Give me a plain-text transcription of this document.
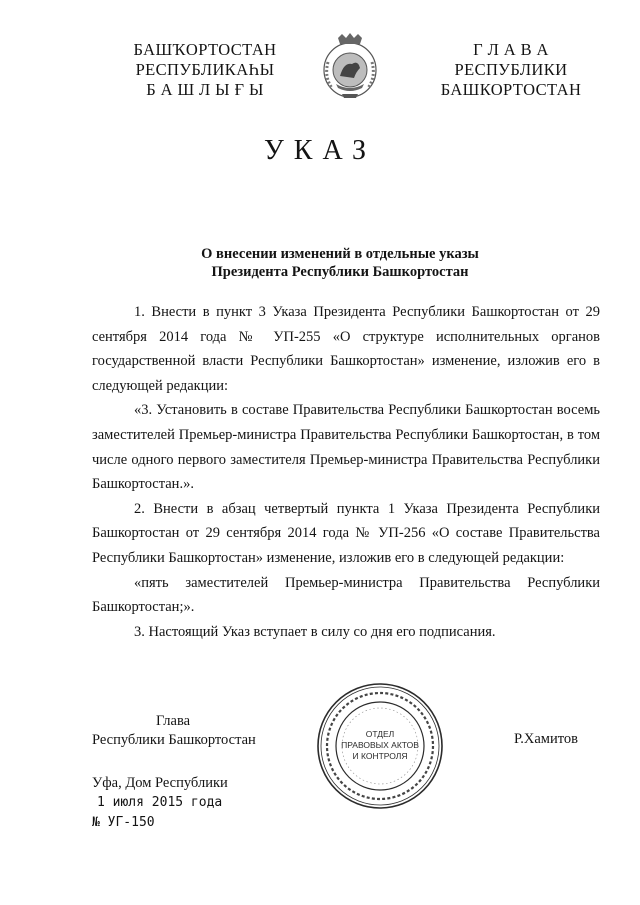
БАШҠОРТОСТАН
РЕСПУБЛИКАҺЫ
Б А Ш Л Ы Ғ Ы
Г Л А В А
РЕСПУБЛИКИ
БАШКОРТОСТАН
УКАЗ
О внесении изменений в отдельные указы
Президента Республики Башкортостан

1. Внести в пункт 3 Указа Президента Республики Башкортостан от 29 сентября 2014 года № УП-255 «О структуре исполнительных органов государственной власти Республики Башкортостан» изменение, изложив его в следующей редакции:

«3. Установить в составе Правительства Республики Башкортостан восемь заместителей Премьер-министра Правительства Республики Башкортостан, в том числе одного первого заместителя Премьер-министра Правительства Республики Башкортостан.».

2. Внести в абзац четвертый пункта 1 Указа Президента Республики Башкортостан от 29 сентября 2014 года № УП-256 «О составе Правительства Республики Башкортостан» изменение, изложив его в следующей редакции:

«пять заместителей Премьер-министра Правительства Республики Башкортостан;».

3. Настоящий Указ вступает в силу со дня его подписания.

Глава
Республики Башкортостан	Р.Хамитов
ОТДЕЛ
ПРАВОВЫХ АКТОВ
И КОНТРОЛЯ
Уфа, Дом Республики
1 июля 2015 года
№ УГ-150
